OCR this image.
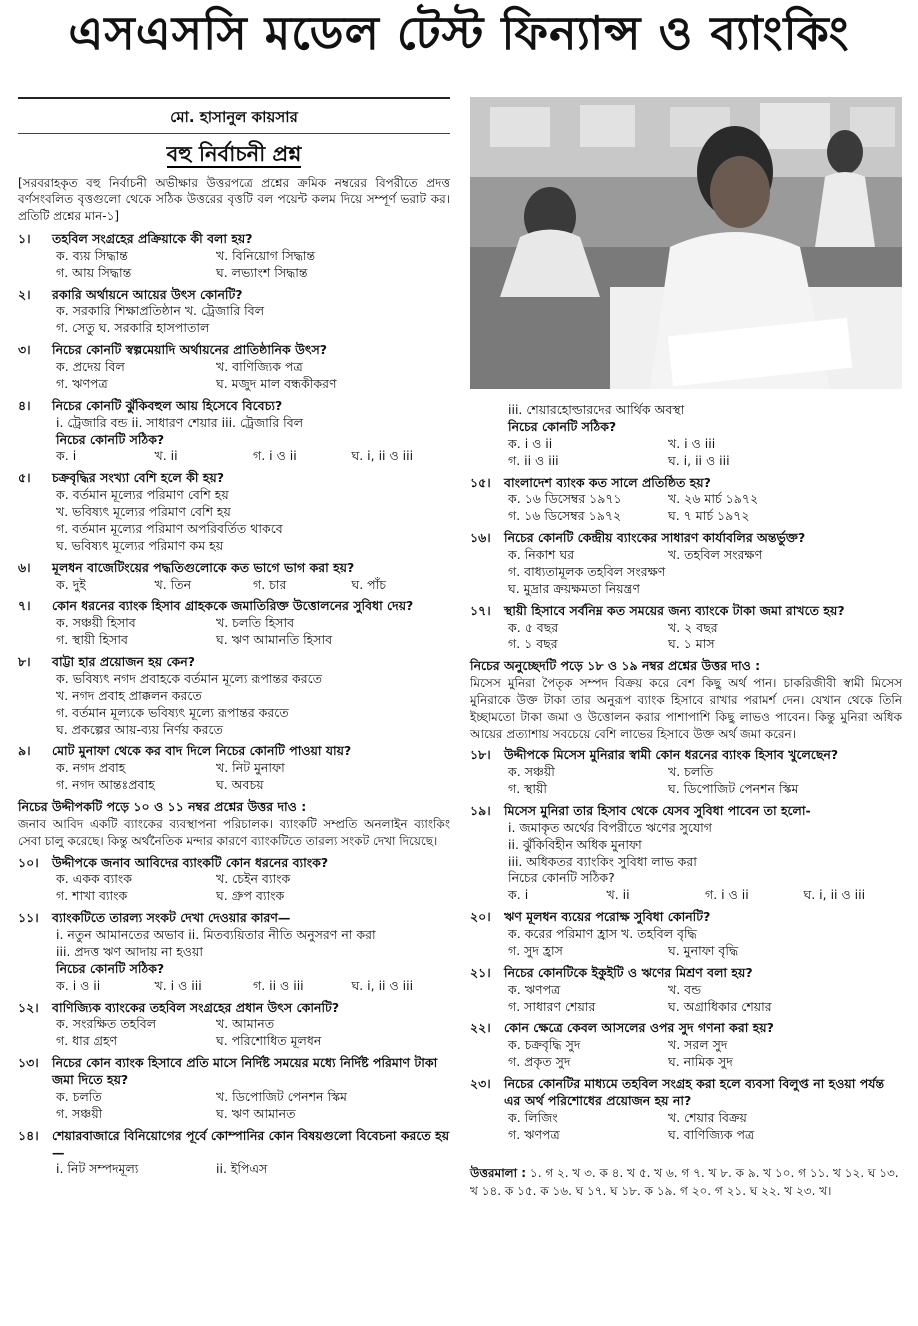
এসএসসি মডেল টেস্ট ফিন্যান্স ও ব্যাংকিং
মো. হাসানুল কায়সার
বহু নির্বাচনী প্রশ্ন
[সরবরাহকৃত বহু নির্বাচনী অভীক্ষার উত্তরপত্রে প্রশ্নের ক্রমিক নম্বরের বিপরীতে প্রদত্ত বর্ণসংবলিত বৃত্তগুলো থেকে সঠিক উত্তরের বৃত্তটি বল পয়েন্ট কলম দিয়ে সম্পূর্ণ ভরাট কর। প্রতিটি প্রশ্নের মান-১]
১।	তহবিল সংগ্রহের প্রক্রিয়াকে কী বলা হয়?
ক. ব্যয় সিদ্ধান্ত	খ. বিনিয়োগ সিদ্ধান্ত
গ. আয় সিদ্ধান্ত	ঘ. লভ্যাংশ সিদ্ধান্ত
২।	রকারি অর্থায়নে আয়ের উৎস কোনটি?
ক. সরকারি শিক্ষাপ্রতিষ্ঠান খ. ট্রেজারি বিল
গ. সেতু ঘ. সরকারি হাসপাতাল
৩।	নিচের কোনটি স্বল্পমেয়াদি অর্থায়নের প্রাতিষ্ঠানিক উৎস?
ক. প্রদেয় বিল	খ. বাণিজ্যিক পত্র
গ. ঋণপত্র	ঘ. মজুদ মাল বন্ধকীকরণ
৪।	নিচের কোনটি ঝুঁকিবহুল আয় হিসেবে বিবেচ্য?
i. ট্রেজারি বন্ড ii. সাধারণ শেয়ার iii. ট্রেজারি বিল
নিচের কোনটি সঠিক?
ক. i	খ. ii	গ. i ও ii	ঘ. i, ii ও iii
৫।	চক্রবৃদ্ধির সংখ্যা বেশি হলে কী হয়?
ক. বর্তমান মূল্যের পরিমাণ বেশি হয়
খ. ভবিষ্যৎ মূল্যের পরিমাণ বেশি হয়
গ. বর্তমান মূল্যের পরিমাণ অপরিবর্তিত থাকবে
ঘ. ভবিষ্যৎ মূল্যের পরিমাণ কম হয়
৬।	মূলধন বাজেটিংয়ের পদ্ধতিগুলোকে কত ভাগে ভাগ করা হয়?
ক. দুই	খ. তিন	গ. চার	ঘ. পাঁচ
৭।	কোন ধরনের ব্যাংক হিসাব গ্রাহককে জমাতিরিক্ত উত্তোলনের সুবিধা দেয়?
ক. সঞ্চয়ী হিসাব	খ. চলতি হিসাব
গ. স্থায়ী হিসাব	ঘ. ঋণ আমানতি হিসাব
৮।	বাট্টা হার প্রয়োজন হয় কেন?
ক. ভবিষ্যৎ নগদ প্রবাহকে বর্তমান মূল্যে রূপান্তর করতে
খ. নগদ প্রবাহ প্রাক্কলন করতে
গ. বর্তমান মূল্যকে ভবিষ্যৎ মূল্যে রূপান্তর করতে
ঘ. প্রকল্পের আয়-ব্যয় নির্ণয় করতে
৯।	মোট মুনাফা থেকে কর বাদ দিলে নিচের কোনটি পাওয়া যায়?
ক. নগদ প্রবাহ	খ. নিট মুনাফা
গ. নগদ আন্তঃপ্রবাহ	ঘ. অবচয়
নিচের উদ্দীপকটি পড়ে ১০ ও ১১ নম্বর প্রশ্নের উত্তর দাও :
জনাব আবিদ একটি ব্যাংকের ব্যবস্থাপনা পরিচালক। ব্যাংকটি সম্প্রতি অনলাইন ব্যাংকিং সেবা চালু করেছে। কিন্তু অর্থনৈতিক মন্দার কারণে ব্যাংকটিতে তারল্য সংকট দেখা দিয়েছে।
১০।	উদ্দীপকে জনাব আবিদের ব্যাংকটি কোন ধরনের ব্যাংক?
ক. একক ব্যাংক	খ. চেইন ব্যাংক
গ. শাখা ব্যাংক	ঘ. গ্রুপ ব্যাংক
১১।	ব্যাংকটিতে তারল্য সংকট দেখা দেওয়ার কারণ—
i. নতুন আমানতের অভাব ii. মিতব্যয়িতার নীতি অনুসরণ না করা
iii. প্রদত্ত ঋণ আদায় না হওয়া
নিচের কোনটি সঠিক?
ক. i ও ii	খ. i ও iii	গ. ii ও iii	ঘ. i, ii ও iii
১২।	বাণিজ্যিক ব্যাংকের তহবিল সংগ্রহের প্রধান উৎস কোনটি?
ক. সংরক্ষিত তহবিল	খ. আমানত
গ. ধার গ্রহণ	ঘ. পরিশোধিত মূলধন
১৩।	নিচের কোন ব্যাংক হিসাবে প্রতি মাসে নির্দিষ্ট সময়ের মধ্যে নির্দিষ্ট পরিমাণ টাকা জমা দিতে হয়?
ক. চলতি	খ. ডিপোজিট পেনশন স্কিম
গ. সঞ্চয়ী	ঘ. ঋণ আমানত
১৪।	শেয়ারবাজারে বিনিয়োগের পূর্বে কোম্পানির কোন বিষয়গুলো বিবেচনা করতে হয়—
i. নিট সম্পদমূল্য	ii. ইপিএস
iii. শেয়ারহোল্ডারদের আর্থিক অবস্থা
নিচের কোনটি সঠিক?
ক. i ও ii	খ. i ও iii
গ. ii ও iii	ঘ. i, ii ও iii
১৫।	বাংলাদেশ ব্যাংক কত সালে প্রতিষ্ঠিত হয়?
ক. ১৬ ডিসেম্বর ১৯৭১	খ. ২৬ মার্চ ১৯৭২
গ. ১৬ ডিসেম্বর ১৯৭২	ঘ. ৭ মার্চ ১৯৭২
১৬।	নিচের কোনটি কেন্দ্রীয় ব্যাংকের সাধারণ কার্যাবলির অন্তর্ভুক্ত?
ক. নিকাশ ঘর	খ. তহবিল সংরক্ষণ
গ. বাধ্যতামূলক তহবিল সংরক্ষণ
ঘ. মুদ্রার ক্রয়ক্ষমতা নিয়ন্ত্রণ
১৭।	স্থায়ী হিসাবে সর্বনিম্ন কত সময়ের জন্য ব্যাংকে টাকা জমা রাখতে হয়?
ক. ৫ বছর	খ. ২ বছর
গ. ১ বছর	ঘ. ১ মাস
নিচের অনুচ্ছেদটি পড়ে ১৮ ও ১৯ নম্বর প্রশ্নের উত্তর দাও :
মিসেস মুনিরা পৈতৃক সম্পদ বিক্রয় করে বেশ কিছু অর্থ পান। চাকরিজীবী স্বামী মিসেস মুনিরাকে উক্ত টাকা তার অনুরূপ ব্যাংক হিসাবে রাখার পরামর্শ দেন। যেখান থেকে তিনি ইচ্ছামতো টাকা জমা ও উত্তোলন করার পাশাপাশি কিছু লাভও পাবেন। কিন্তু মুনিরা অধিক আয়ের প্রত্যাশায় সবচেয়ে বেশি লাভের হিসাবে উক্ত অর্থ জমা করেন।
১৮।	উদ্দীপকে মিসেস মুনিরার স্বামী কোন ধরনের ব্যাংক হিসাব খুলেছেন?
ক. সঞ্চয়ী	খ. চলতি
গ. স্থায়ী	ঘ. ডিপোজিট পেনশন স্কিম
১৯।	মিসেস মুনিরা তার হিসাব থেকে যেসব সুবিধা পাবেন তা হলো-
i. জমাকৃত অর্থের বিপরীতে ঋণের সুযোগ
ii. ঝুঁকিবিহীন অধিক মুনাফা
iii. অধিকতর ব্যাংকিং সুবিধা লাভ করা
নিচের কোনটি সঠিক?
ক. i	খ. ii	গ. i ও ii	ঘ. i, ii ও iii
২০।	ঋণ মূলধন ব্যয়ের পরোক্ষ সুবিধা কোনটি?
ক. করের পরিমাণ হ্রাস খ. তহবিল বৃদ্ধি
গ. সুদ হ্রাস	ঘ. মুনাফা বৃদ্ধি
২১।	নিচের কোনটিকে ইকুইটি ও ঋণের মিশ্রণ বলা হয়?
ক. ঋণপত্র	খ. বন্ড
গ. সাধারণ শেয়ার	ঘ. অগ্রাধিকার শেয়ার
২২।	কোন ক্ষেত্রে কেবল আসলের ওপর সুদ গণনা করা হয়?
ক. চক্রবৃদ্ধি সুদ	খ. সরল সুদ
গ. প্রকৃত সুদ	ঘ. নামিক সুদ
২৩।	নিচের কোনটির মাধ্যমে তহবিল সংগ্রহ করা হলে ব্যবসা বিলুপ্ত না হওয়া পর্যন্ত এর অর্থ পরিশোধের প্রয়োজন হয় না?
ক. লিজিং	খ. শেয়ার বিক্রয়
গ. ঋণপত্র	ঘ. বাণিজ্যিক পত্র
উত্তরমালা : ১. গ ২. খ ৩. ক ৪. খ ৫. খ ৬. গ ৭. খ ৮. ক ৯. খ ১০. গ ১১. খ ১২. ঘ ১৩. খ ১৪. ক ১৫. ক ১৬. ঘ ১৭. ঘ ১৮. ক ১৯. গ ২০. গ ২১. ঘ ২২. খ ২৩. খ।
